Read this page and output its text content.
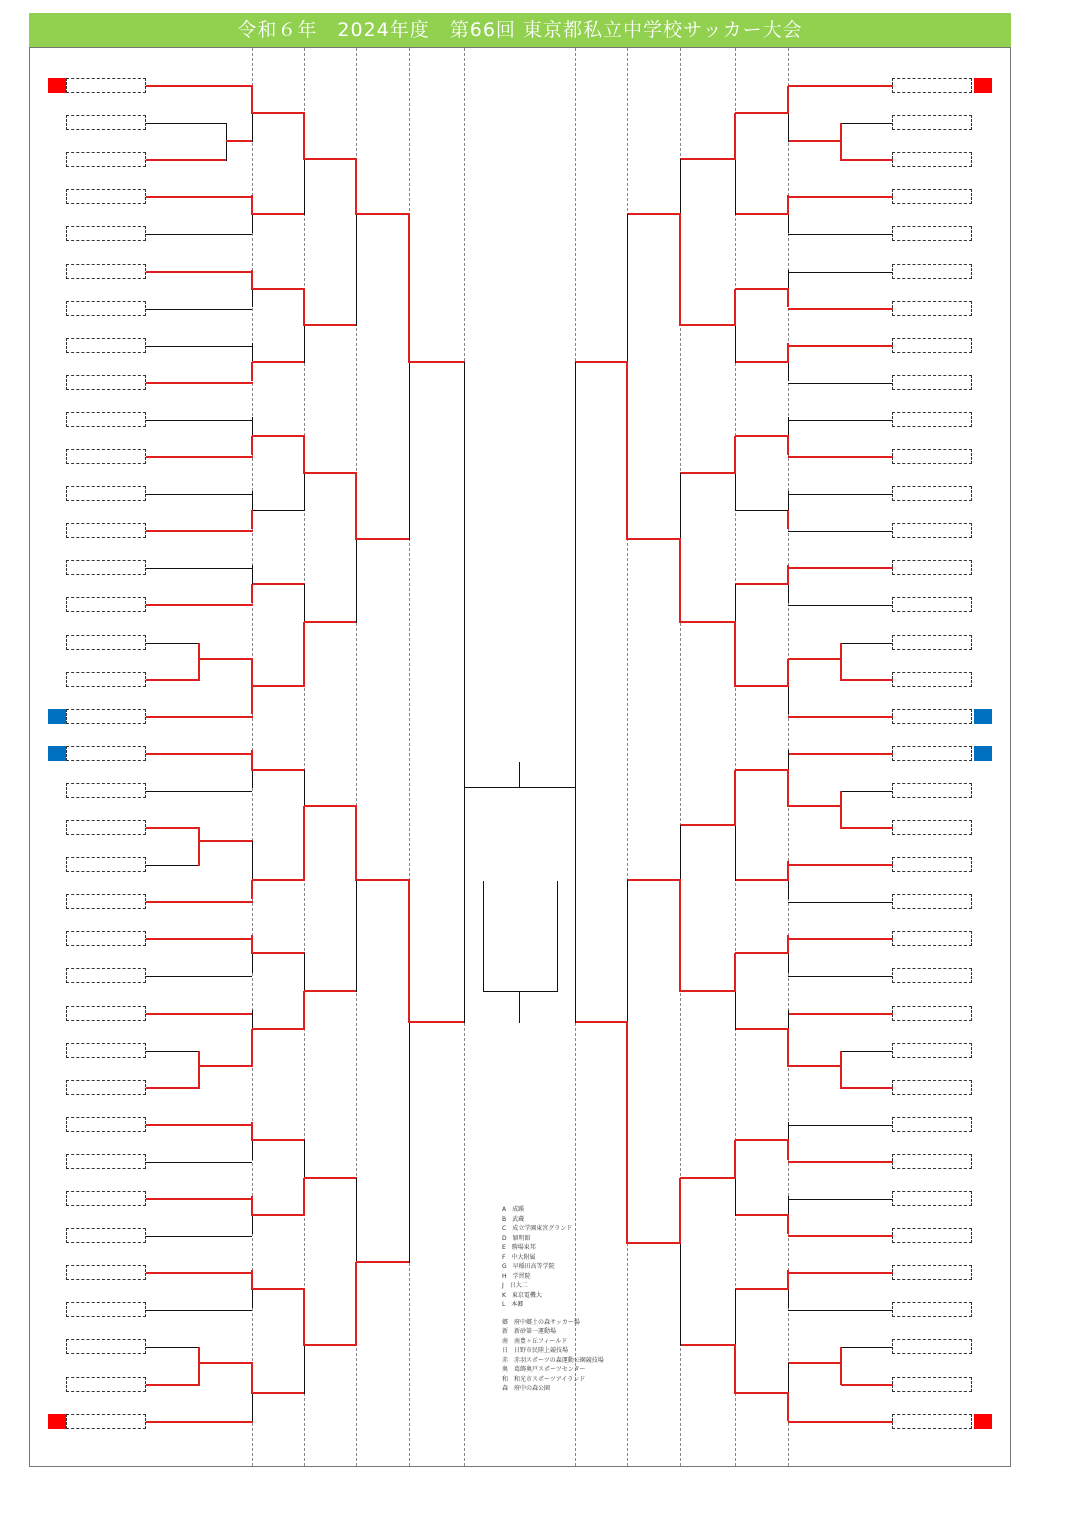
令和６年　2024年度　第66回 東京都私立中学校サッカー大会
A　成蹊
B　武蔵
C　成立学園東宮グランド
D　穎明館
E　駒場東邦
F　中大附属
G　早稲田高等学院
H　学習院
J　日大二
K　東京電機大
L　本郷
郷　府中郷土の森サッカー場
新　新砂第一運動場
南　南豊ヶ丘フィールド
日　日野市民陸上競技場
赤　赤羽スポーツの森運動公園競技場
奥　葛飾奥戸スポーツセンター
和　和光市スポーツアイランド
森　府中の森公園
